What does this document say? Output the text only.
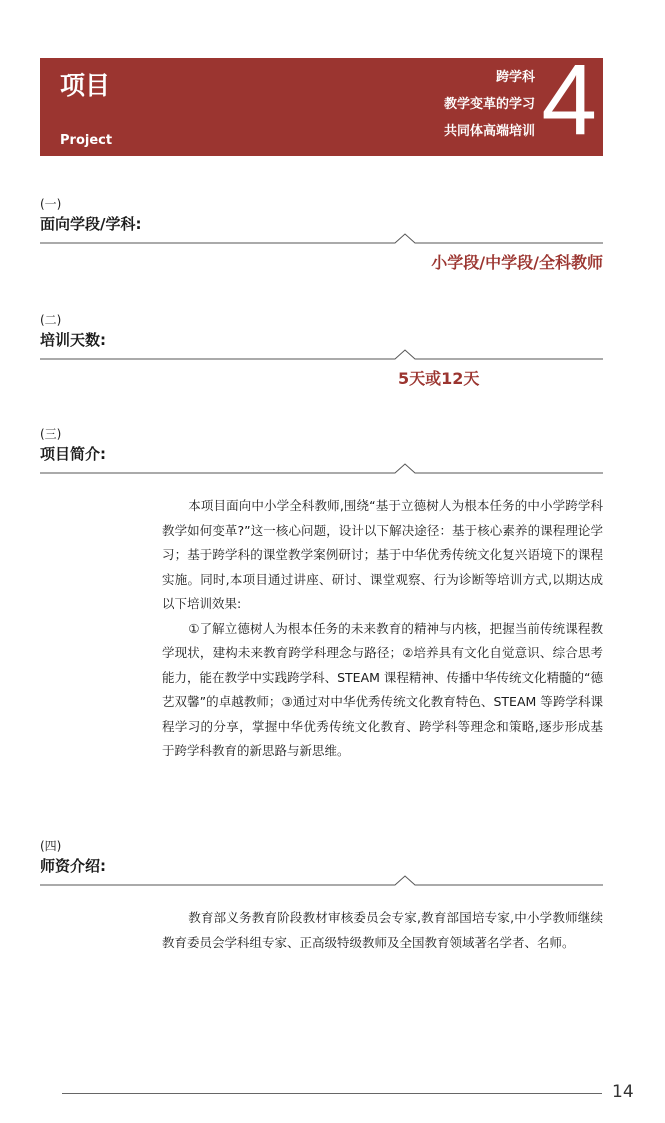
项目
Project
跨学科
教学变革的学习
共同体高端培训 4
(一)
面向学段/学科:
小学段/中学段/全科教师
(二)
培训天数:
5天或12天
(三)
项目简介:

本项目面向中小学全科教师,围绕“基于立德树人为根本任务的中小学跨学科教学如何变革?”这一核心问题，设计以下解决途径：基于核心素养的课程理论学习；基于跨学科的课堂教学案例研讨；基于中华优秀传统文化复兴语境下的课程实施。同时,本项目通过讲座、研讨、课堂观察、行为诊断等培训方式,以期达成以下培训效果:

①了解立德树人为根本任务的未来教育的精神与内核，把握当前传统课程教学现状，建构未来教育跨学科理念与路径；②培养具有文化自觉意识、综合思考能力，能在教学中实践跨学科、STEAM 课程精神、传播中华传统文化精髓的“德艺双馨”的卓越教师；③通过对中华优秀传统文化教育特色、STEAM 等跨学科课程学习的分享，掌握中华优秀传统文化教育、跨学科等理念和策略,逐步形成基于跨学科教育的新思路与新思维。

(四)
师资介绍:

教育部义务教育阶段教材审核委员会专家,教育部国培专家,中小学教师继续教育委员会学科组专家、正高级特级教师及全国教育领域著名学者、名师。

14
